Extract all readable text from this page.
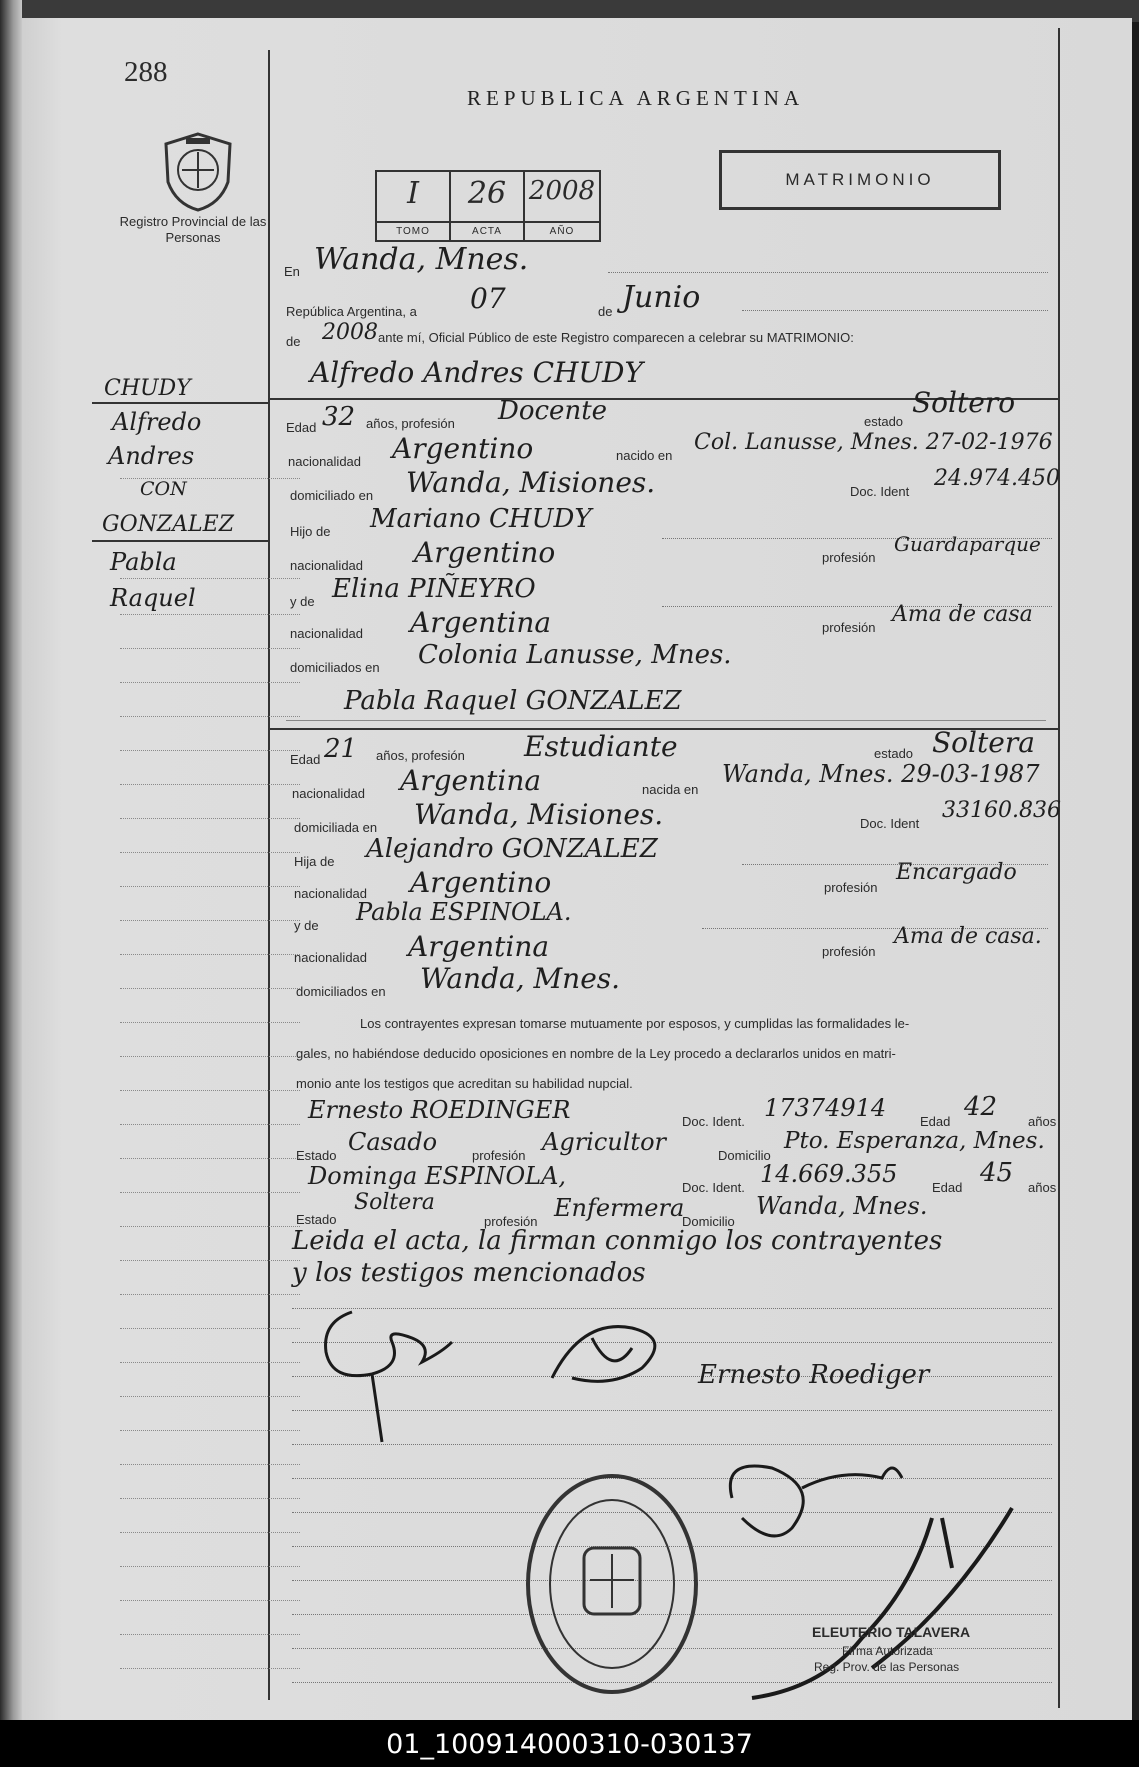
288
Registro Provincial de las Personas
REPUBLICA ARGENTINA
I
TOMO
26
ACTA
2008
AÑO
MATRIMONIO
CHUDY
Alfredo
Andres
CON
GONZALEZ
Pabla
Raquel
En Wanda, Mnes.
República Argentina, a 07	de Junio
de 2008 ante mí, Oficial Público de este Registro comparecen a celebrar su MATRIMONIO:
Alfredo Andres CHUDY
Edad 32 años, profesión Docente	estado
Soltero
nacionalidad Argentino	nacido en
Col. Lanusse, Mnes. 27-02-1976
domiciliado en Wanda, Misiones.	Doc. Ident
24.974.450
Hijo de Mariano CHUDY
nacionalidad Argentino	profesión
Guardaparque
y de Elina PIÑEYRO
nacionalidad Argentina	profesión
Ama de casa
domiciliados en Colonia Lanusse, Mnes.
Pabla Raquel GONZALEZ
Edad 21 años, profesión Estudiante	estado Soltera
nacionalidad Argentina	nacida en
Wanda, Mnes. 29-03-1987
domiciliada en Wanda, Misiones.	Doc. Ident
33160.836
Hija de Alejandro GONZALEZ
nacionalidad Argentino	profesión
Encargado
y de Pabla ESPINOLA.
nacionalidad Argentina	profesión
Ama de casa.
domiciliados en Wanda, Mnes.
Los contrayentes expresan tomarse mutuamente por esposos, y cumplidas las formalidades le-
gales, no habiéndose deducido oposiciones en nombre de la Ley procedo a declararlos unidos en matri-
monio ante los testigos que acreditan su habilidad nupcial.
Ernesto ROEDINGER	Doc. Ident. 17374914	Edad 42 años
Estado Casado	profesión Agricultor	Domicilio
Pto. Esperanza, Mnes.
Dominga ESPINOLA,	Doc. Ident. 14.669.355	Edad 45 años
Estado
Soltera
profesión Enfermera
Domicilio
Wanda, Mnes.
Leida el acta, la firman conmigo los contrayentes
y los testigos mencionados
Ernesto Roediger
ELEUTERIO TALAVERA
Firma Autorizada
Reg. Prov. de las Personas
01_100914000310-030137
